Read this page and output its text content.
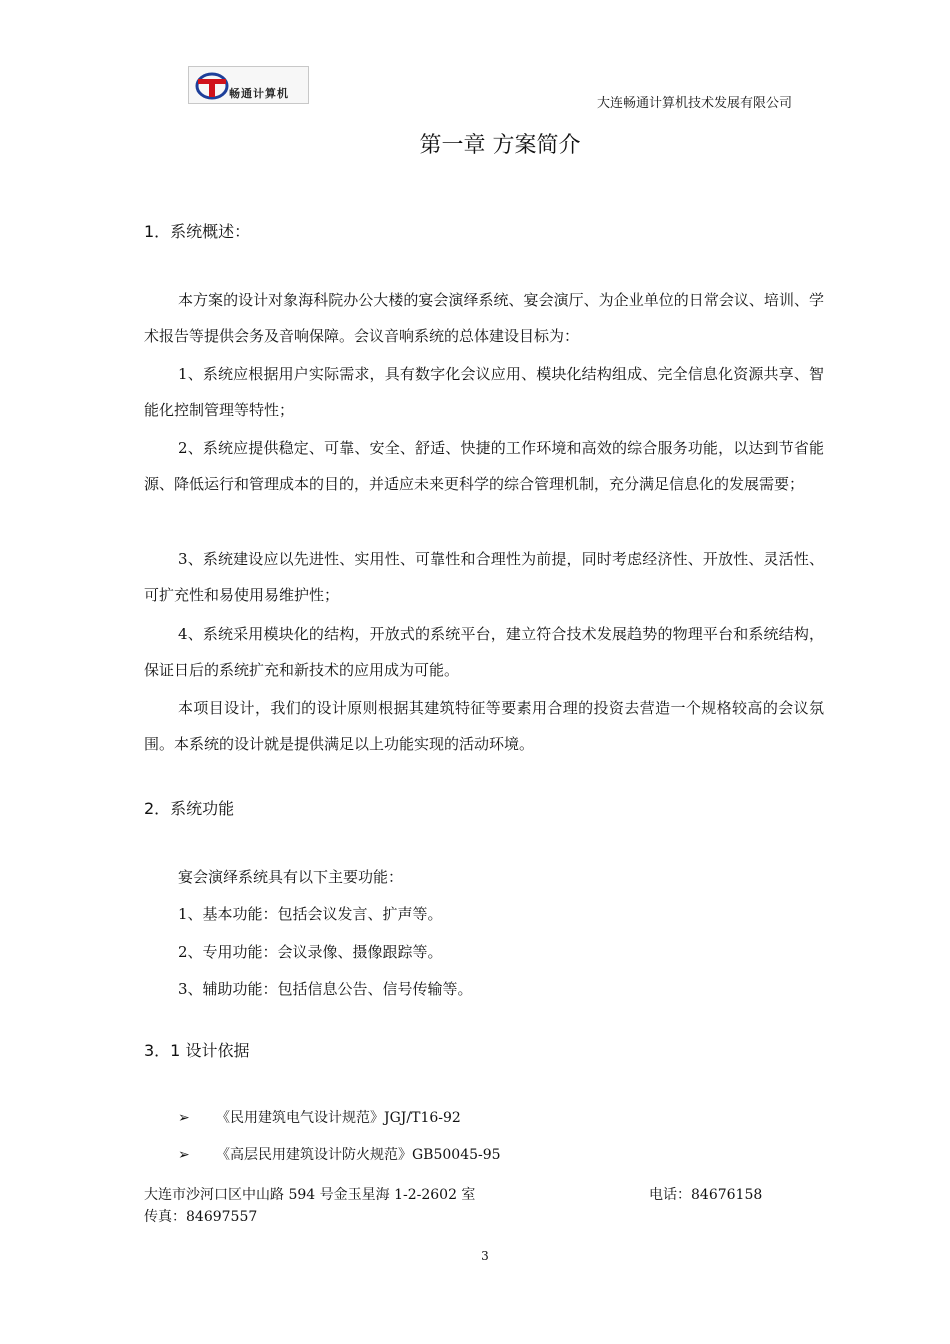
畅通计算机
大连畅通计算机技术发展有限公司
第一章 方案简介
1．系统概述：
本方案的设计对象海科院办公大楼的宴会演绎系统、宴会演厅、为企业单位的日常会议、培训、学术报告等提供会务及音响保障。会议音响系统的总体建设目标为：
1、系统应根据用户实际需求，具有数字化会议应用、模块化结构组成、完全信息化资源共享、智能化控制管理等特性；
2、系统应提供稳定、可靠、安全、舒适、快捷的工作环境和高效的综合服务功能，以达到节省能源、降低运行和管理成本的目的，并适应未来更科学的综合管理机制，充分满足信息化的发展需要；
3、系统建设应以先进性、实用性、可靠性和合理性为前提，同时考虑经济性、开放性、灵活性、可扩充性和易使用易维护性；
4、系统采用模块化的结构，开放式的系统平台，建立符合技术发展趋势的物理平台和系统结构，保证日后的系统扩充和新技术的应用成为可能。
本项目设计，我们的设计原则根据其建筑特征等要素用合理的投资去营造一个规格较高的会议氛围。本系统的设计就是提供满足以上功能实现的活动环境。
2．系统功能
宴会演绎系统具有以下主要功能：
1、基本功能：包括会议发言、扩声等。
2、专用功能：会议录像、摄像跟踪等。
3、辅助功能：包括信息公告、信号传输等。
3．1 设计依据
➢ 《民用建筑电气设计规范》JGJ/T16-92
➢ 《高层民用建筑设计防火规范》GB50045-95
大连市沙河口区中山路 594 号金玉星海 1-2-2602 室	电话：84676158
传真：84697557
3
